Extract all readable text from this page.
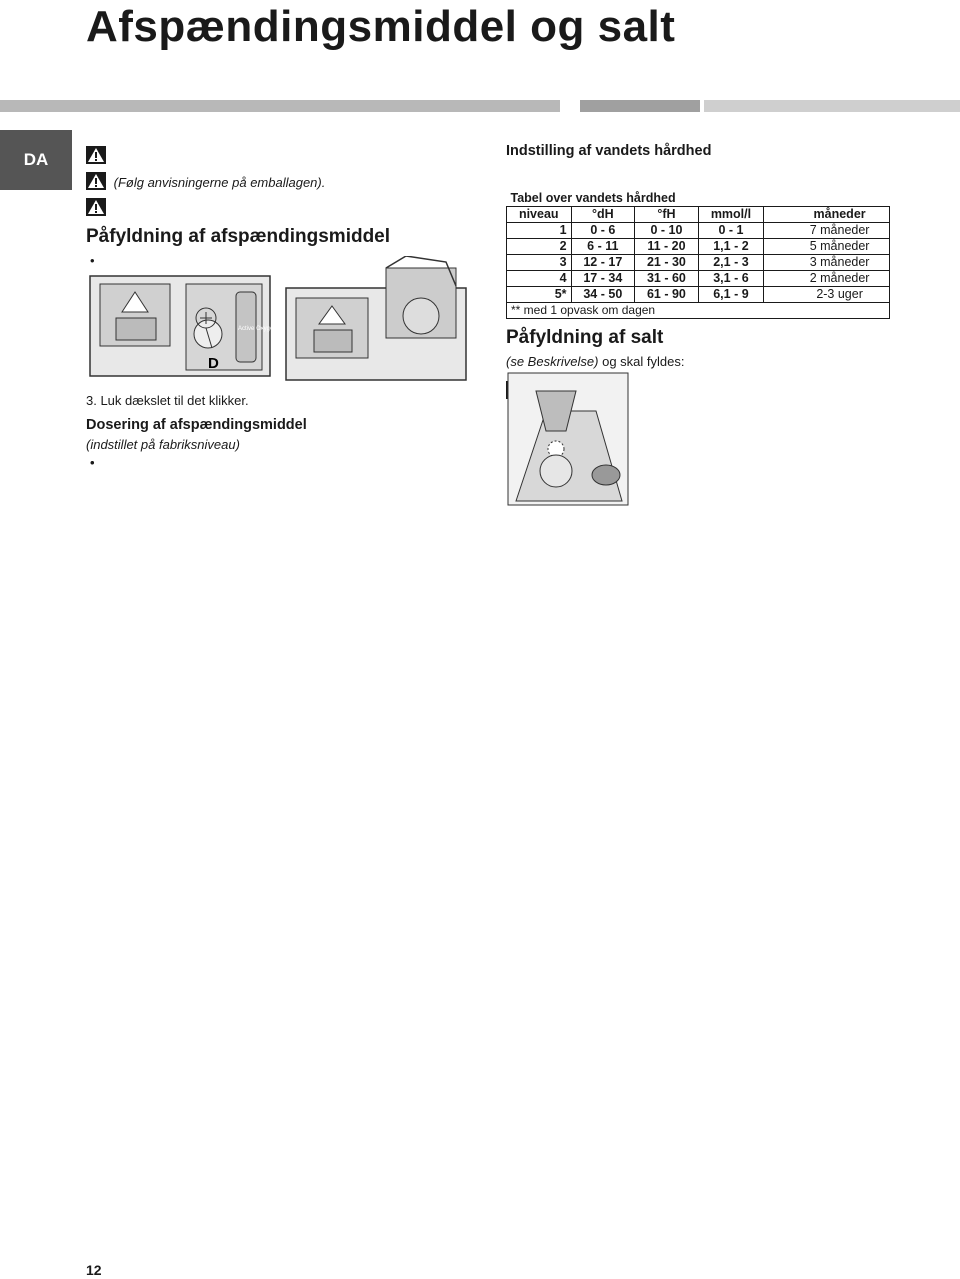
Afspændingsmiddel og salt
DA

(Følg anvisningerne på emballagen).

Påfyldning af afspændingsmiddel

Active Oxygen
D

3. Luk dækslet til det klikker.

Dosering af afspændingsmiddel

(indstillet på fabriksniveau)

Indstilling af vandets hårdhed

Tabel over vandets hårdhed				
niveau	°dH	°fH	mmol/l	måneder
1	0 - 6	0 - 10	0 - 1	7 måneder
2	6 - 11	11 - 20	1,1 - 2	5 måneder
3	12 - 17	21 - 30	2,1 - 3	3 måneder
4	17 - 34	31 - 60	3,1 - 6	2 måneder
5*	34 - 50	61 - 90	6,1 - 9	2-3 uger

** med 1 opvask om dagen				

Påfyldning af salt

(se Beskrivelse) og skal fyldes:

12
